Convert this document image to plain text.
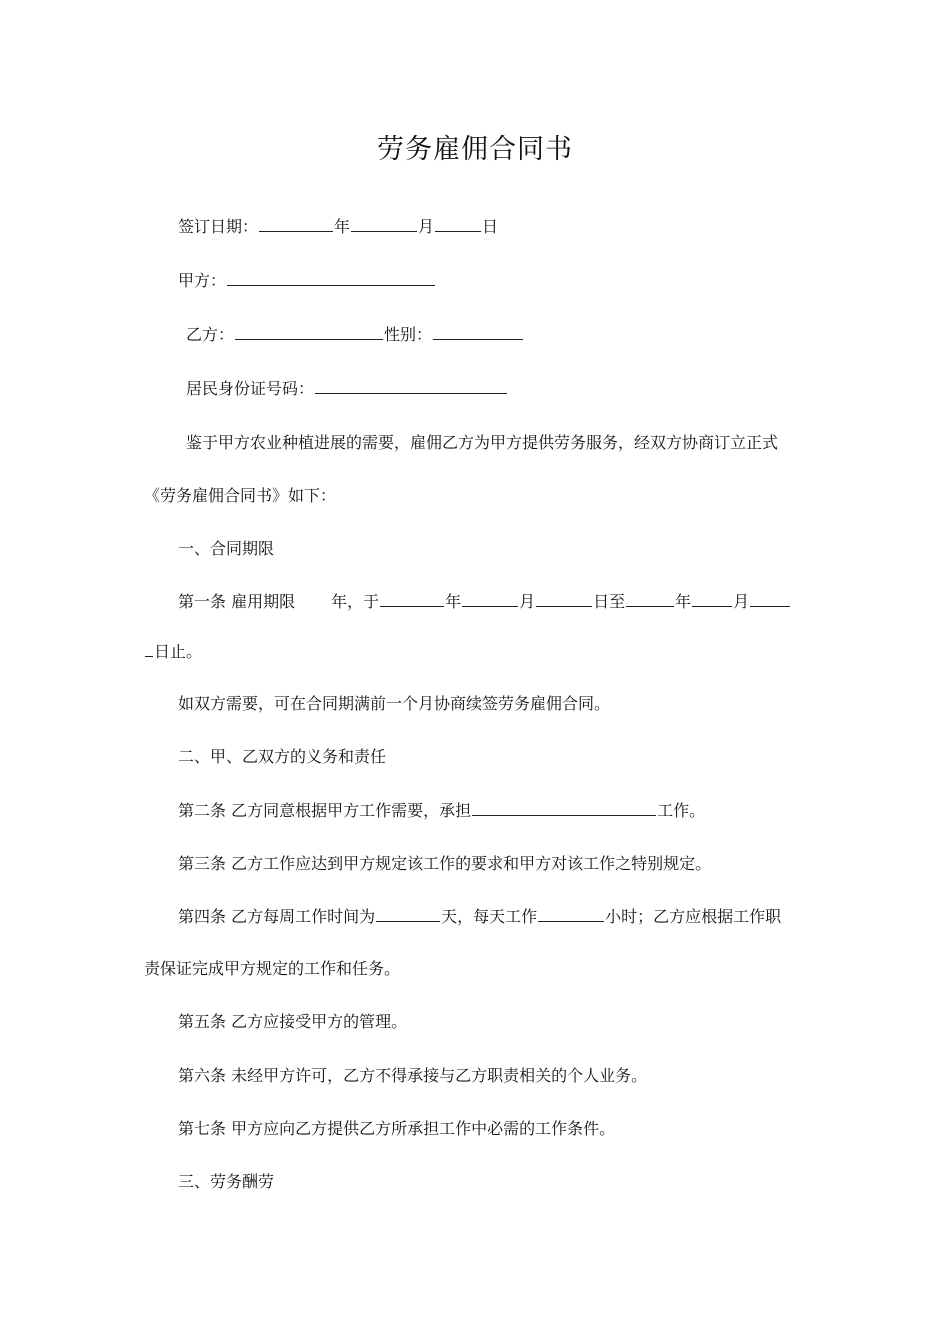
劳务雇佣合同书
签订日期：	年	月	日
甲方：
乙方：	性别：
居民身份证号码：
鉴于甲方农业种植进展的需要，雇佣乙方为甲方提供劳务服务，经双方协商订立正式
《劳务雇佣合同书》如下：
一、合同期限
第一条 雇用期限 年，于	年	月	日至	年	月
日止。
如双方需要，可在合同期满前一个月协商续签劳务雇佣合同。
二、甲、乙双方的义务和责任
第二条 乙方同意根据甲方工作需要，承担	工作。
第三条 乙方工作应达到甲方规定该工作的要求和甲方对该工作之特别规定。
第四条 乙方每周工作时间为	天，每天工作	小时；乙方应根据工作职
责保证完成甲方规定的工作和任务。
第五条 乙方应接受甲方的管理。
第六条 未经甲方许可，乙方不得承接与乙方职责相关的个人业务。
第七条 甲方应向乙方提供乙方所承担工作中必需的工作条件。
三、劳务酬劳
